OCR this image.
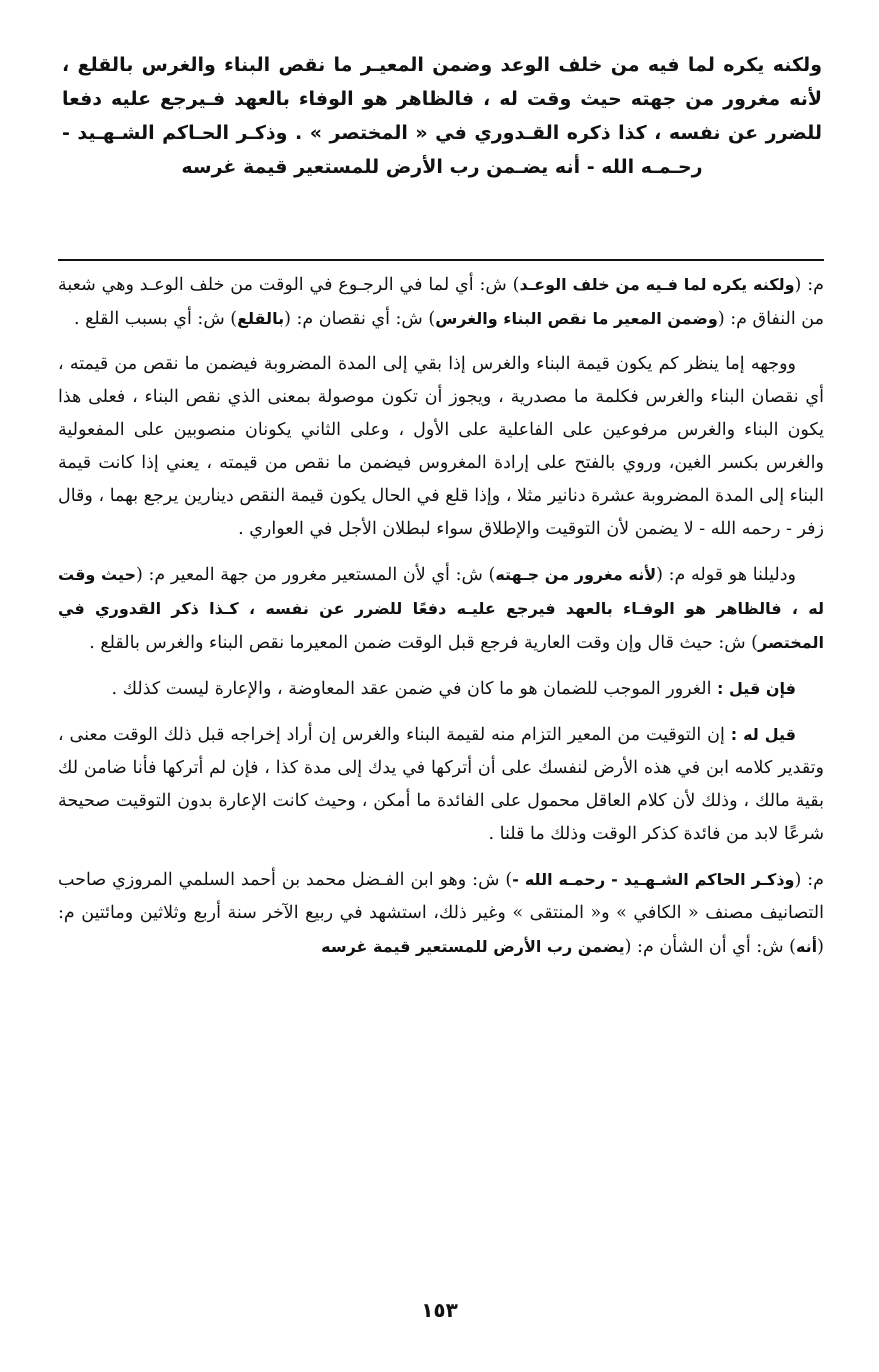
ولكنه يكره لما فيه من خلف الوعد وضمن المعيـر ما نقص البناء والغرس بالقلع ، لأنه مغرور من جهته حيث وقت له ، فالظاهر هو الوفاء بالعهد فـيرجع عليه دفعا للضرر عن نفسه ، كذا ذكره القـدوري في « المختصر » . وذكـر الحـاكم الشـهـيد - رحـمـه الله - أنه يضـمن رب الأرض للمستعير قيمة غرسه

م: (ولكنه يكره لما فـيه من خلف الوعـد) ش: أي لما في الرجـوع في الوقت من خلف الوعـد وهي شعبة من النفاق م: (وضمن المعير ما نقص البناء والغرس) ش: أي نقصان م: (بالقلع) ش: أي بسبب القلع .

ووجهه إما ينظر كم يكون قيمة البناء والغرس إذا بقي إلى المدة المضروبة فيضمن ما نقص من قيمته ، أي نقصان البناء والغرس فكلمة ما مصدرية ، ويجوز أن تكون موصولة بمعنى الذي نقص البناء ، فعلى هذا يكون البناء والغرس مرفوعين على الفاعلية على الأول ، وعلى الثاني يكونان منصوبين على المفعولية والغرس بكسر الغين، وروي بالفتح على إرادة المغروس فيضمن ما نقص من قيمته ، يعني إذا كانت قيمة البناء إلى المدة المضروبة عشرة دنانير مثلا ، وإذا قلع في الحال يكون قيمة النقص دينارين يرجع بهما ، وقال زفر - رحمه الله - لا يضمن لأن التوقيت والإطلاق سواء لبطلان الأجل في العواري .

ودليلنا هو قوله م: (لأنه مغرور من جـهته) ش: أي لأن المستعير مغرور من جهة المعير م: (حيث وقت له ، فالظاهر هو الوفـاء بالعهد فيرجع عليـه دفعًا للضرر عن نفسه ، كـذا ذكر القدوري في المختصر) ش: حيث قال وإن وقت العارية فرجع قبل الوقت ضمن المعيرما نقص البناء والغرس بالقلع .

فإن قيل : الغرور الموجب للضمان هو ما كان في ضمن عقد المعاوضة ، والإعارة ليست كذلك .

قيل له : إن التوقيت من المعير التزام منه لقيمة البناء والغرس إن أراد إخراجه قبل ذلك الوقت معنى ، وتقدير كلامه ابن في هذه الأرض لنفسك على أن أتركها في يدك إلى مدة كذا ، فإن لم أتركها فأنا ضامن لك بقية مالك ، وذلك لأن كلام العاقل محمول على الفائدة ما أمكن ، وحيث كانت الإعارة بدون التوقيت صحيحة شرعًا لابد من فائدة كذكر الوقت وذلك ما قلنا .

م: (وذكـر الحاكم الشـهـيد - رحمـه الله -) ش: وهو ابن الفـضل محمد بن أحمد السلمي المروزي صاحب التصانيف مصنف « الكافي » و« المنتقى » وغير ذلك، استشهد في ربيع الآخر سنة أربع وثلاثين ومائتين م: (أنه) ش: أي أن الشأن م: (يضمن رب الأرض للمستعير قيمة غرسه

١٥٣
